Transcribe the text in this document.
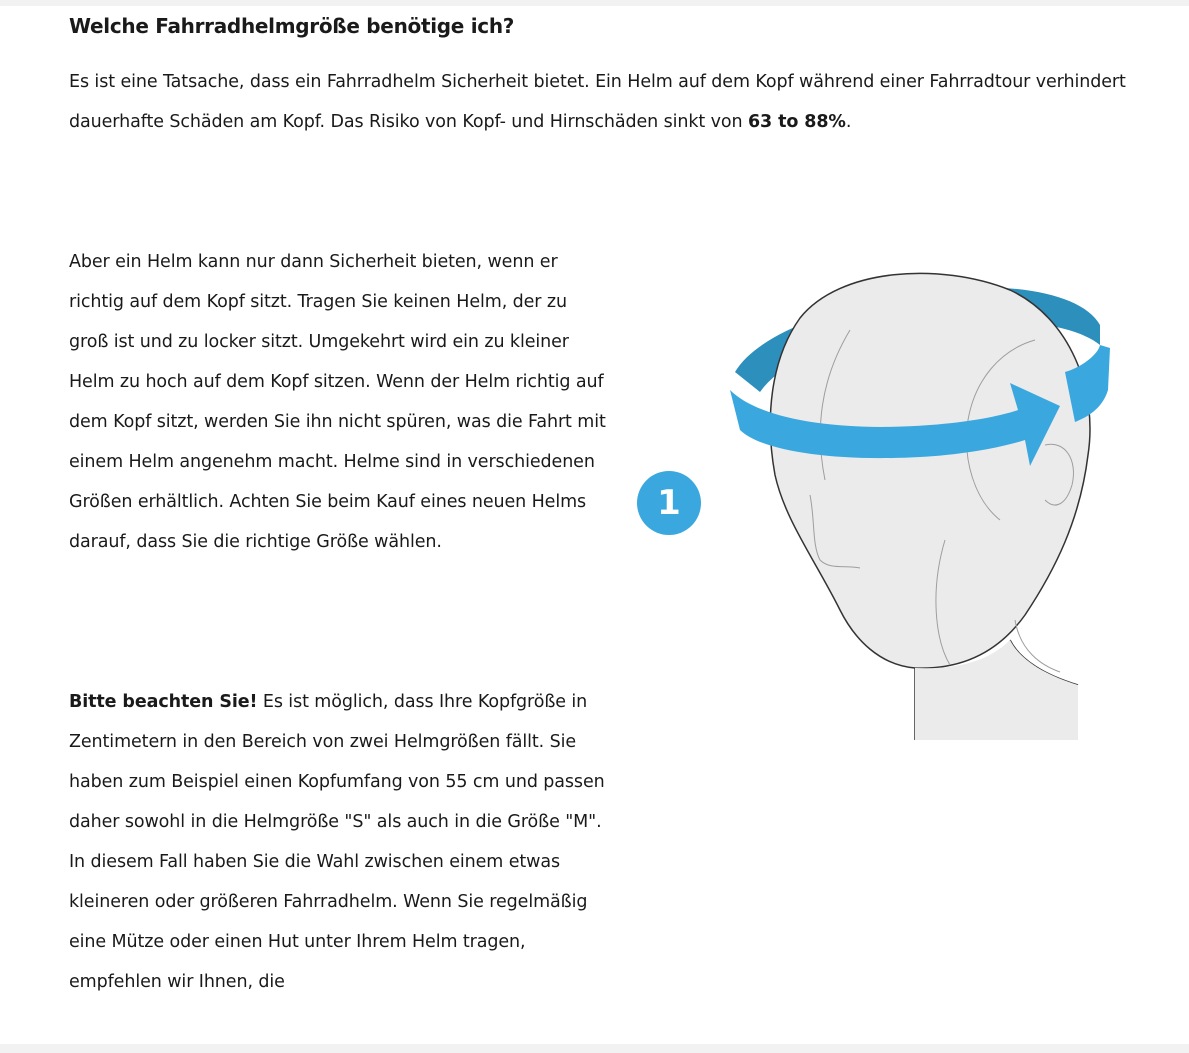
Welche Fahrradhelmgröße benötige ich?

Es ist eine Tatsache, dass ein Fahrradhelm Sicherheit bietet. Ein Helm auf dem Kopf während einer Fahrradtour verhindert dauerhafte Schäden am Kopf. Das Risiko von Kopf- und Hirnschäden sinkt von 63 to 88%.

Aber ein Helm kann nur dann Sicherheit bieten, wenn er richtig auf dem Kopf sitzt. Tragen Sie keinen Helm, der zu groß ist und zu locker sitzt. Umgekehrt wird ein zu kleiner Helm zu hoch auf dem Kopf sitzen. Wenn der Helm richtig auf dem Kopf sitzt, werden Sie ihn nicht spüren, was die Fahrt mit einem Helm angenehm macht. Helme sind in verschiedenen Größen erhältlich. Achten Sie beim Kauf eines neuen Helms darauf, dass Sie die richtige Größe wählen.

Bitte beachten Sie! Es ist möglich, dass Ihre Kopfgröße in Zentimetern in den Bereich von zwei Helmgrößen fällt. Sie haben zum Beispiel einen Kopfumfang von 55 cm und passen daher sowohl in die Helmgröße "S" als auch in die Größe "M". In diesem Fall haben Sie die Wahl zwischen einem etwas kleineren oder größeren Fahrradhelm. Wenn Sie regelmäßig eine Mütze oder einen Hut unter Ihrem Helm tragen, empfehlen wir Ihnen, die

1
